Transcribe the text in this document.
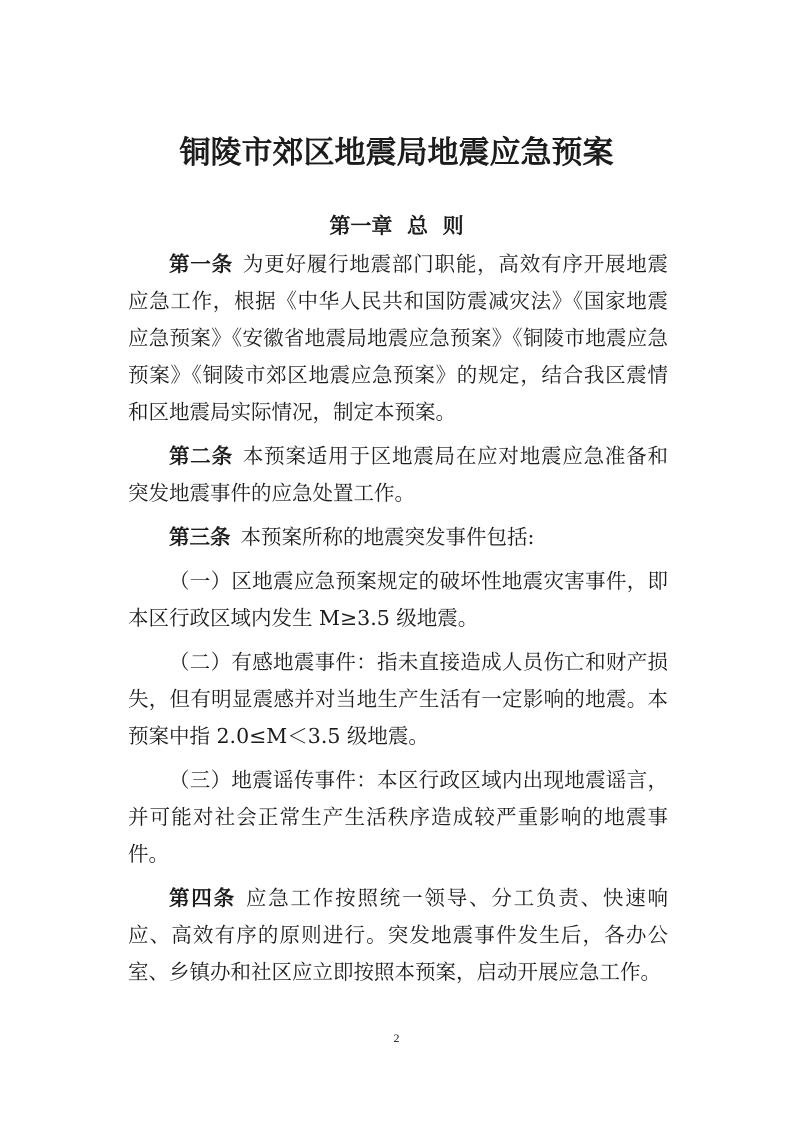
铜陵市郊区地震局地震应急预案
第一章  总  则

第一条 为更好履行地震部门职能，高效有序开展地震应急工作，根据《中华人民共和国防震减灾法》《国家地震应急预案》《安徽省地震局地震应急预案》《铜陵市地震应急预案》《铜陵市郊区地震应急预案》的规定，结合我区震情和区地震局实际情况，制定本预案。

第二条 本预案适用于区地震局在应对地震应急准备和突发地震事件的应急处置工作。

第三条 本预案所称的地震突发事件包括:

（一）区地震应急预案规定的破坏性地震灾害事件，即本区行政区域内发生 M≥3.5 级地震。

（二）有感地震事件：指未直接造成人员伤亡和财产损失，但有明显震感并对当地生产生活有一定影响的地震。本预案中指 2.0≤M＜3.5 级地震。

（三）地震谣传事件：本区行政区域内出现地震谣言，并可能对社会正常生产生活秩序造成较严重影响的地震事件。

第四条 应急工作按照统一领导、分工负责、快速响应、高效有序的原则进行。突发地震事件发生后，各办公室、乡镇办和社区应立即按照本预案，启动开展应急工作。

2
